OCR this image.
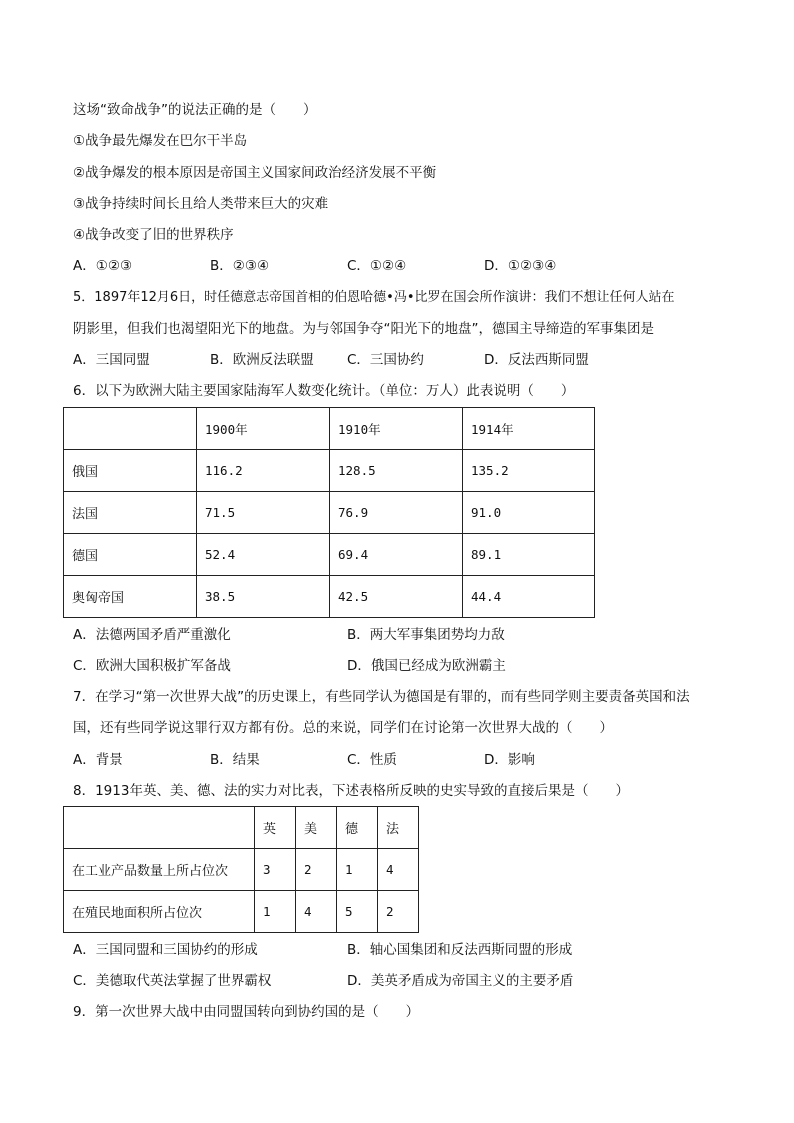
这场“致命战争”的说法正确的是（　　）
①战争最先爆发在巴尔干半岛
②战争爆发的根本原因是帝国主义国家间政治经济发展不平衡
③战争持续时间长且给人类带来巨大的灾难
④战争改变了旧的世界秩序
A．①②③	B．②③④	C．①②④	D．①②③④
5．1897年12月6日，时任德意志帝国首相的伯恩哈德•冯•比罗在国会所作演讲：我们不想让任何人站在
阴影里，但我们也渴望阳光下的地盘。为与邻国争夺“阳光下的地盘”，德国主导缔造的军事集团是
A．三国同盟	B．欧洲反法联盟 C．三国协约	D．反法西斯同盟
6．以下为欧洲大陆主要国家陆海军人数变化统计。（单位：万人）此表说明（　　）
	1900年	1910年	1914年
俄国	116.2	128.5	135.2
法国	71.5	76.9	91.0
德国	52.4	69.4	89.1
奥匈帝国	38.5	42.5	44.4
A．法德两国矛盾严重激化	B．两大军事集团势均力敌
C．欧洲大国积极扩军备战	D．俄国已经成为欧洲霸主
7．在学习“第一次世界大战”的历史课上，有些同学认为德国是有罪的，而有些同学则主要责备英国和法
国，还有些同学说这罪行双方都有份。总的来说，同学们在讨论第一次世界大战的（　　）
A．背景	B．结果	C．性质	D．影响
8．1913年英、美、德、法的实力对比表，下述表格所反映的史实导致的直接后果是（　　）
	英	美	德	法
在工业产品数量上所占位次	3	2	1	4
在殖民地面积所占位次	1	4	5	2
A．三国同盟和三国协约的形成	B．轴心国集团和反法西斯同盟的形成
C．美德取代英法掌握了世界霸权	D．美英矛盾成为帝国主义的主要矛盾
9．第一次世界大战中由同盟国转向到协约国的是（　　）
